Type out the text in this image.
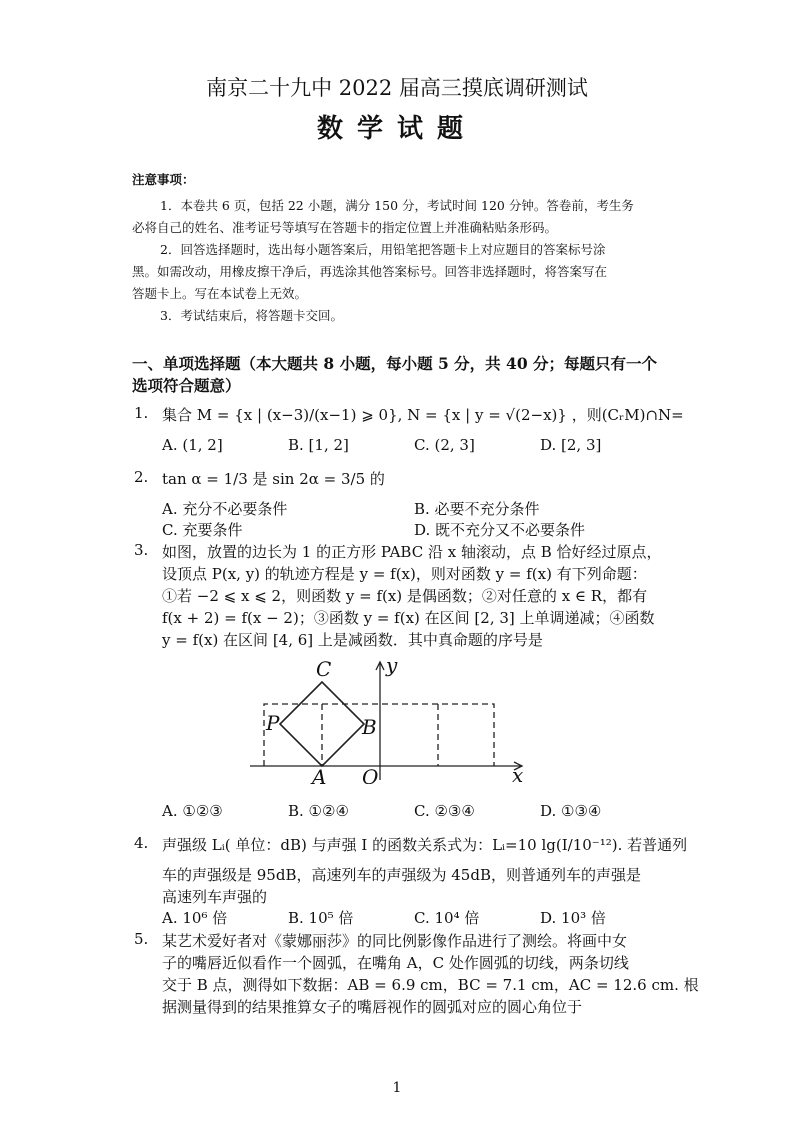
南京二十九中 2022 届高三摸底调研测试
数学试题
注意事项：
1．本卷共 6 页，包括 22 小题，满分 150 分，考试时间 120 分钟。答卷前，考生务
必将自己的姓名、准考证号等填写在答题卡的指定位置上并准确粘贴条形码。
2．回答选择题时，选出每小题答案后，用铅笔把答题卡上对应题目的答案标号涂
黑。如需改动，用橡皮擦干净后，再选涂其他答案标号。回答非选择题时，将答案写在
答题卡上。写在本试卷上无效。
3．考试结束后，将答题卡交回。
一、单项选择题（本大题共 8 小题，每小题 5 分，共 40 分；每题只有一个
选项符合题意）
1. 集合 M = {x | (x−3)/(x−1) ⩾ 0}, N = {x | y = √(2−x)} ，则(CᵣM)∩N=
A. (1, 2]	B. [1, 2]	C. (2, 3]	D. [2, 3]
2. tan α = 1/3 是 sin 2α = 3/5 的
A. 充分不必要条件	B. 必要不充分条件
C. 充要条件	D. 既不充分又不必要条件
3. 如图，放置的边长为 1 的正方形 PABC 沿 x 轴滚动，点 B 恰好经过原点，
设顶点 P(x, y) 的轨迹方程是 y = f(x)，则对函数 y = f(x) 有下列命题：
①若 −2 ⩽ x ⩽ 2，则函数 y = f(x) 是偶函数；②对任意的 x ∈ R，都有
f(x + 2) = f(x − 2)；③函数 y = f(x) 在区间 [2, 3] 上单调递减；④函数
y = f(x) 在区间 [4, 6] 上是减函数．其中真命题的序号是
C
P	B
A O	x
y
A. ①②③	B. ①②④	C. ②③④	D. ①③④
4. 声强级 Lᵢ( 单位：dB) 与声强 I 的函数关系式为：Lᵢ=10 lg(I/10⁻¹²). 若普通列
车的声强级是 95dB，高速列车的声强级为 45dB，则普通列车的声强是
高速列车声强的
A. 10⁶ 倍	B. 10⁵ 倍	C. 10⁴ 倍	D. 10³ 倍
5. 某艺术爱好者对《蒙娜丽莎》的同比例影像作品进行了测绘。将画中女
子的嘴唇近似看作一个圆弧，在嘴角 A，C 处作圆弧的切线，两条切线
交于 B 点，测得如下数据：AB = 6.9 cm，BC = 7.1 cm，AC = 12.6 cm. 根
据测量得到的结果推算女子的嘴唇视作的圆弧对应的圆心角位于
1
